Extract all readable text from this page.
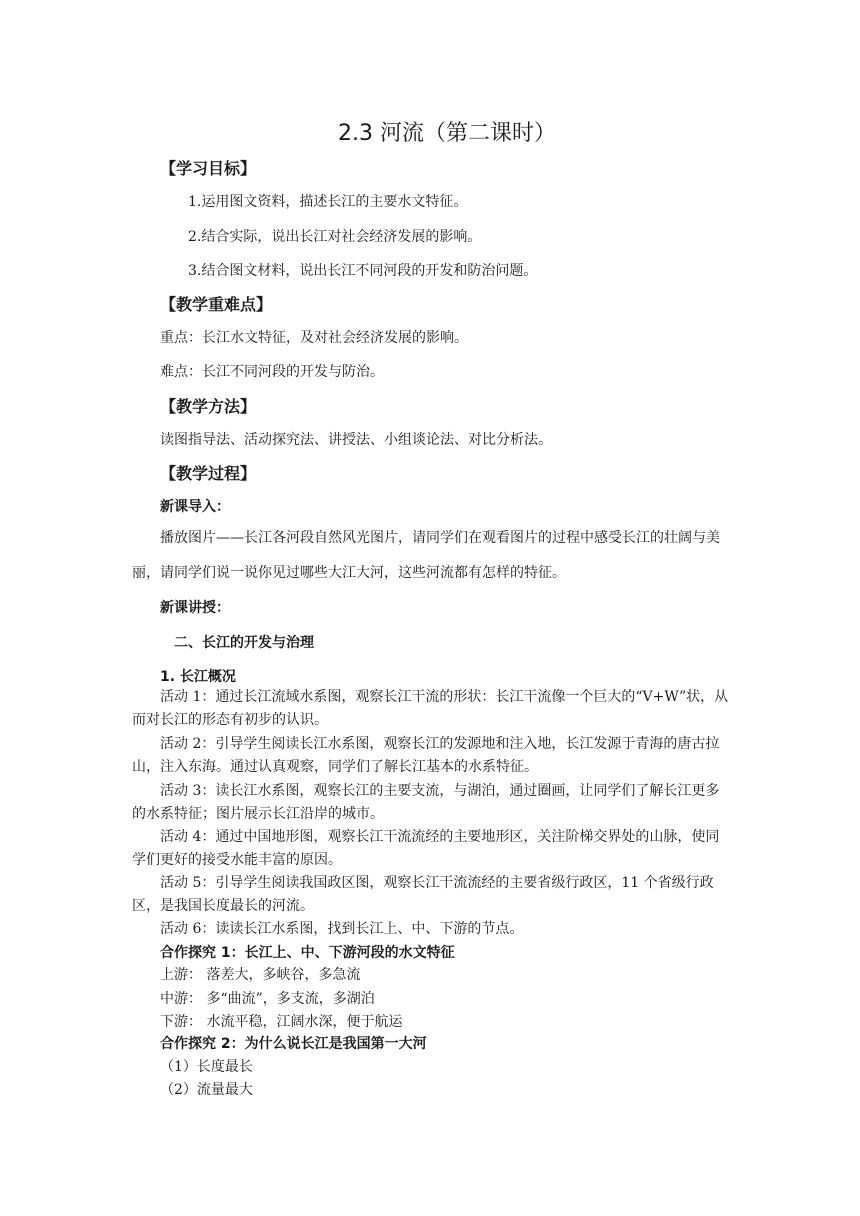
2.3 河流（第二课时）
【学习目标】
1.运用图文资料，描述长江的主要水文特征。
2.结合实际，说出长江对社会经济发展的影响。
3.结合图文材料，说出长江不同河段的开发和防治问题。
【教学重难点】
重点：长江水文特征，及对社会经济发展的影响。
难点：长江不同河段的开发与防治。
【教学方法】
读图指导法、活动探究法、讲授法、小组谈论法、对比分析法。
【教学过程】
新课导入：
播放图片——长江各河段自然风光图片，请同学们在观看图片的过程中感受长江的壮阔与美丽，请同学们说一说你见过哪些大江大河，这些河流都有怎样的特征。
新课讲授：
二、长江的开发与治理
1. 长江概况
活动 1：通过长江流域水系图，观察长江干流的形状：长江干流像一个巨大的“V+W”状，从而对长江的形态有初步的认识。
活动 2：引导学生阅读长江水系图，观察长江的发源地和注入地，长江发源于青海的唐古拉山，注入东海。通过认真观察，同学们了解长江基本的水系特征。
活动 3：读长江水系图，观察长江的主要支流，与湖泊，通过圈画，让同学们了解长江更多的水系特征；图片展示长江沿岸的城市。
活动 4：通过中国地形图，观察长江干流流经的主要地形区，关注阶梯交界处的山脉，使同学们更好的接受水能丰富的原因。
活动 5：引导学生阅读我国政区图，观察长江干流流经的主要省级行政区，11 个省级行政区，是我国长度最长的河流。
活动 6：读读长江水系图，找到长江上、中、下游的节点。
合作探究 1：长江上、中、下游河段的水文特征
上游： 落差大，多峡谷，多急流
中游： 多“曲流”，多支流，多湖泊
下游： 水流平稳，江阔水深，便于航运
合作探究 2：为什么说长江是我国第一大河
（1）长度最长
（2）流量最大
